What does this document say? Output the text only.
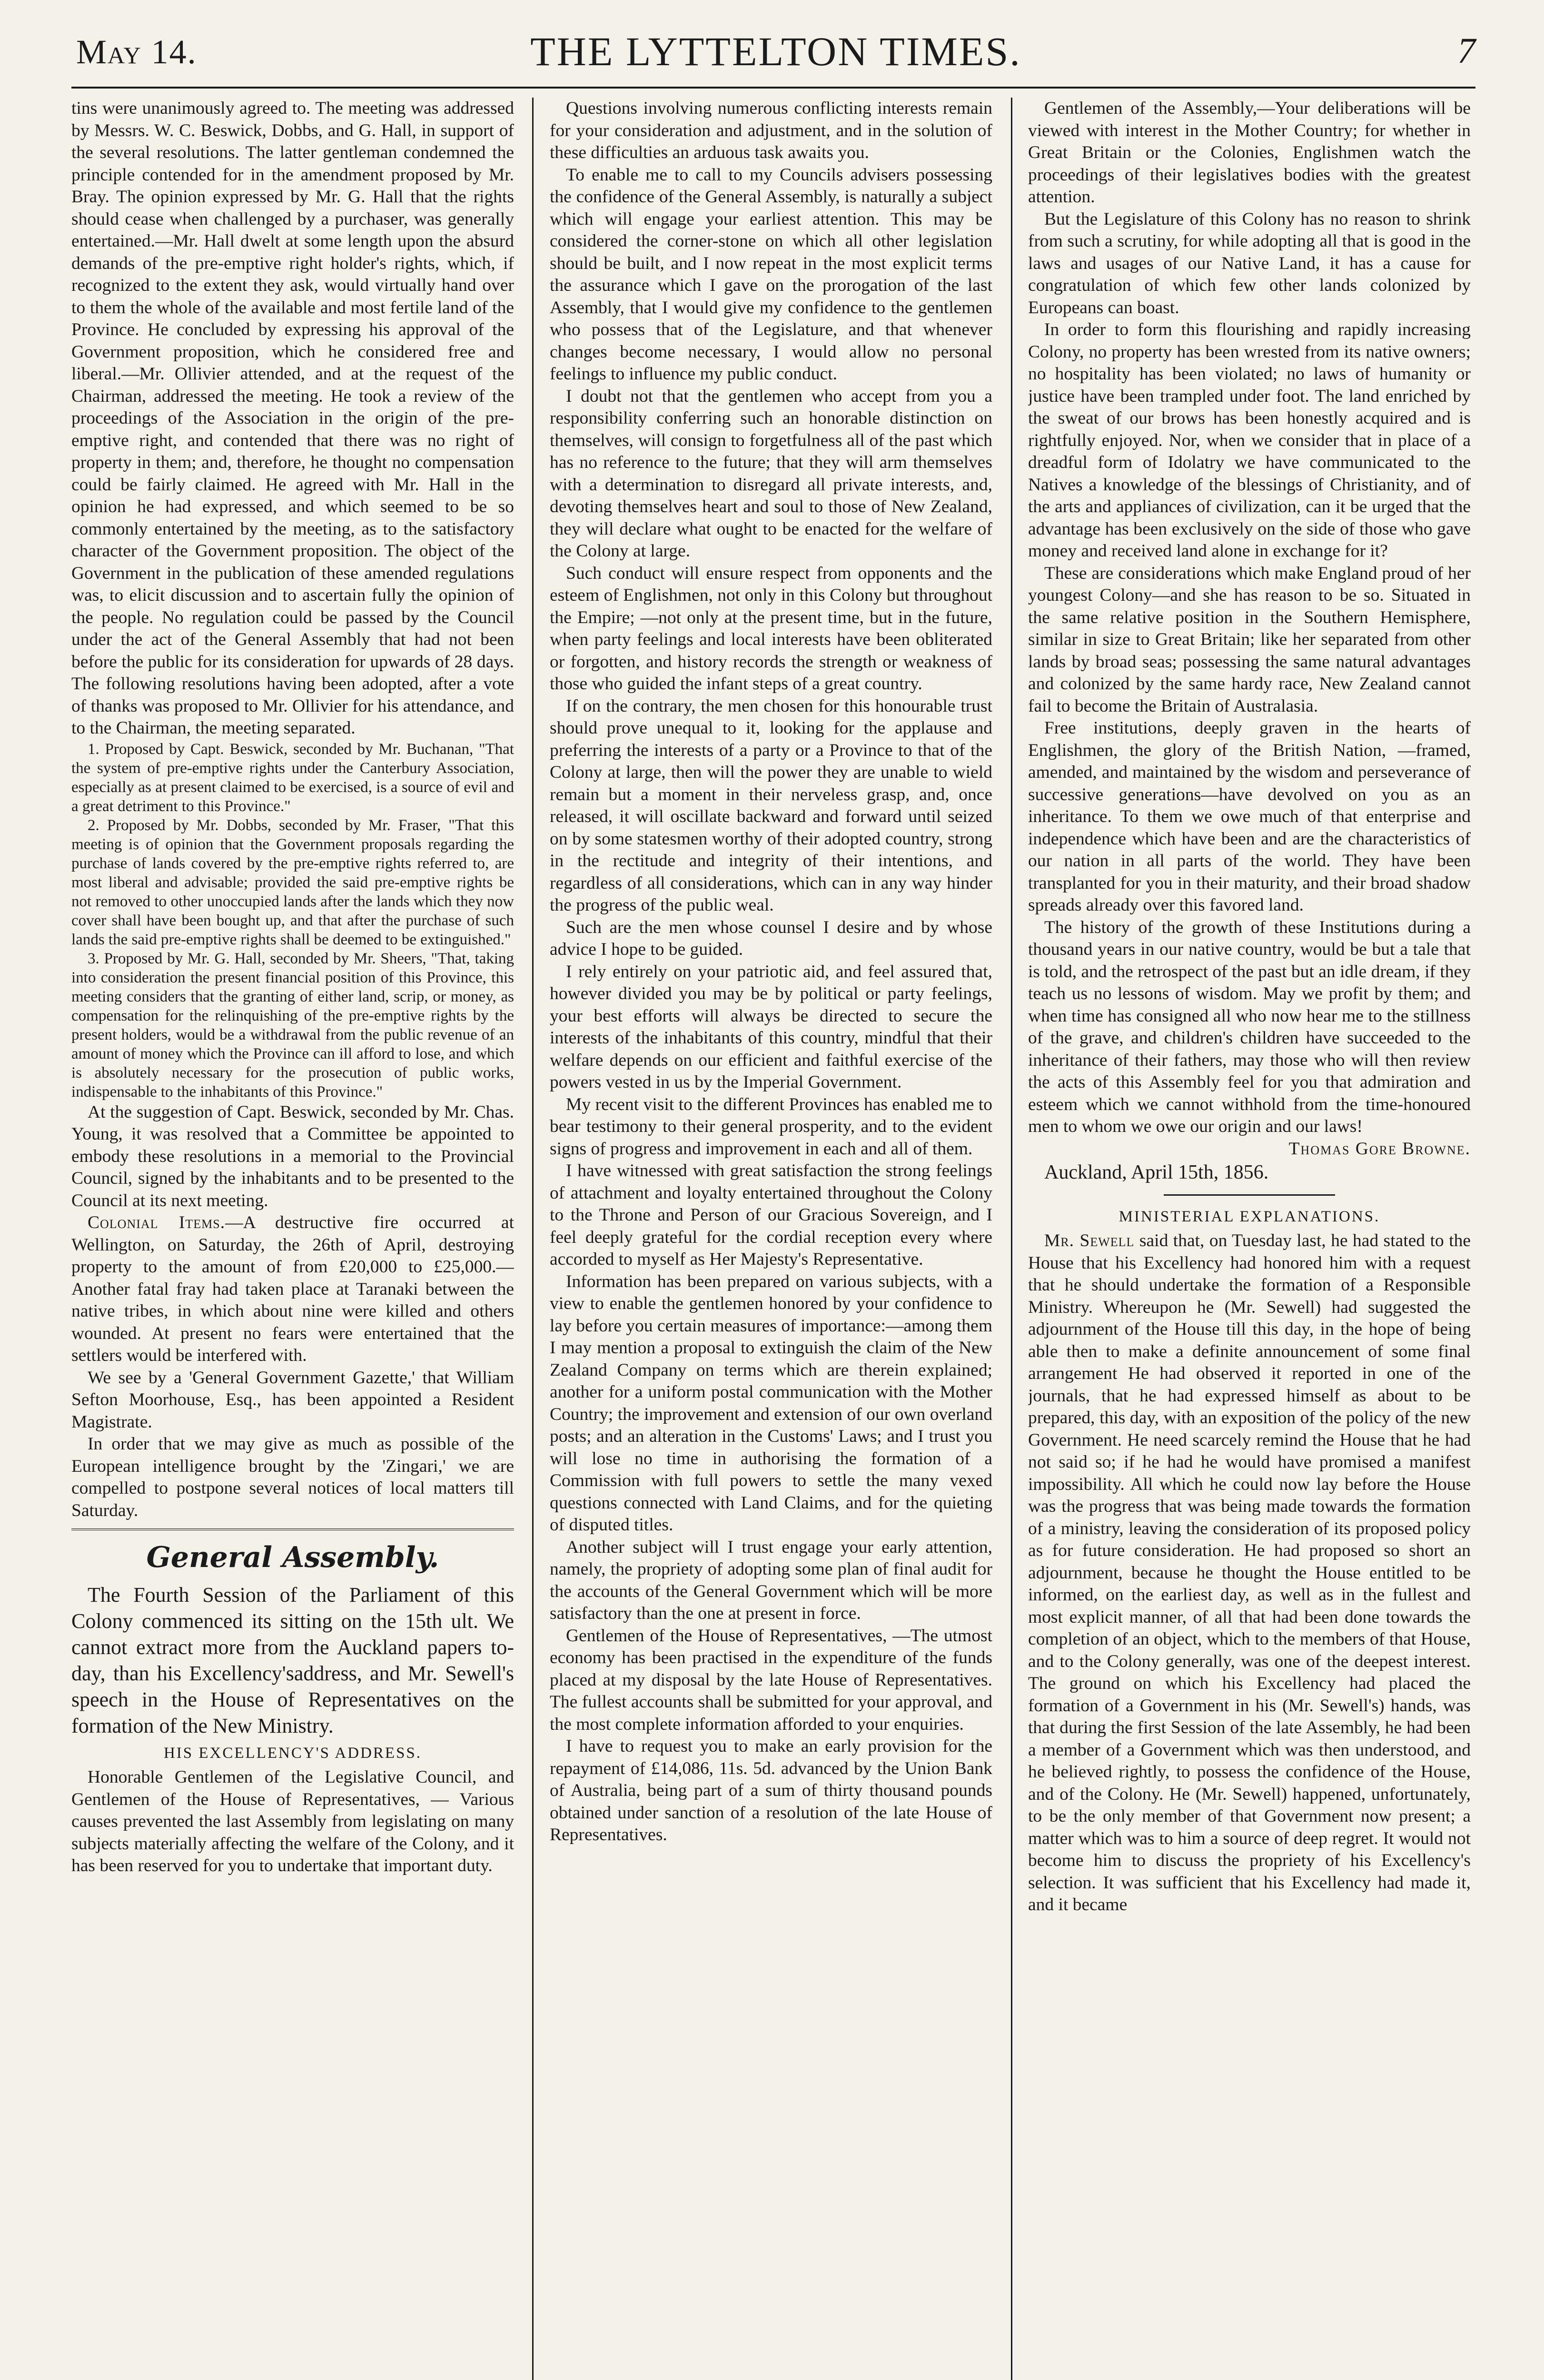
May 14.	THE LYTTELTON TIMES.	7

tins were unanimously agreed to. The meeting was addressed by Messrs. W. C. Beswick, Dobbs, and G. Hall, in support of the several resolutions. The latter gentleman condemned the principle contended for in the amendment proposed by Mr. Bray. The opinion expressed by Mr. G. Hall that the rights should cease when challenged by a purchaser, was generally entertained.—Mr. Hall dwelt at some length upon the absurd demands of the pre-emptive right holder's rights, which, if recognized to the extent they ask, would virtually hand over to them the whole of the available and most fertile land of the Province. He concluded by expressing his approval of the Government proposition, which he considered free and liberal.—Mr. Ollivier attended, and at the request of the Chairman, addressed the meeting. He took a review of the proceedings of the Association in the origin of the pre-emptive right, and contended that there was no right of property in them; and, therefore, he thought no compensation could be fairly claimed. He agreed with Mr. Hall in the opinion he had expressed, and which seemed to be so commonly entertained by the meeting, as to the satisfactory character of the Government proposition. The object of the Government in the publication of these amended regulations was, to elicit discussion and to ascertain fully the opinion of the people. No regulation could be passed by the Council under the act of the General Assembly that had not been before the public for its consideration for upwards of 28 days. The following resolutions having been adopted, after a vote of thanks was proposed to Mr. Ollivier for his attendance, and to the Chairman, the meeting separated.

1. Proposed by Capt. Beswick, seconded by Mr. Buchanan, "That the system of pre-emptive rights under the Canterbury Association, especially as at present claimed to be exercised, is a source of evil and a great detriment to this Province."

2. Proposed by Mr. Dobbs, seconded by Mr. Fraser, "That this meeting is of opinion that the Government proposals regarding the purchase of lands covered by the pre-emptive rights referred to, are most liberal and advisable; provided the said pre-emptive rights be not removed to other unoccupied lands after the lands which they now cover shall have been bought up, and that after the purchase of such lands the said pre-emptive rights shall be deemed to be extinguished."

3. Proposed by Mr. G. Hall, seconded by Mr. Sheers, "That, taking into consideration the present financial position of this Province, this meeting considers that the granting of either land, scrip, or money, as compensation for the relinquishing of the pre-emptive rights by the present holders, would be a withdrawal from the public revenue of an amount of money which the Province can ill afford to lose, and which is absolutely necessary for the prosecution of public works, indispensable to the inhabitants of this Province."

At the suggestion of Capt. Beswick, seconded by Mr. Chas. Young, it was resolved that a Committee be appointed to embody these resolutions in a memorial to the Provincial Council, signed by the inhabitants and to be presented to the Council at its next meeting.

Colonial Items.—A destructive fire occurred at Wellington, on Saturday, the 26th of April, destroying property to the amount of from £20,000 to £25,000.—Another fatal fray had taken place at Taranaki between the native tribes, in which about nine were killed and others wounded. At present no fears were entertained that the settlers would be interfered with.

We see by a 'General Government Gazette,' that William Sefton Moorhouse, Esq., has been appointed a Resident Magistrate.

In order that we may give as much as possible of the European intelligence brought by the 'Zingari,' we are compelled to postpone several notices of local matters till Saturday.

General Assembly.

The Fourth Session of the Parliament of this Colony commenced its sitting on the 15th ult. We cannot extract more from the Auckland papers to-day, than his Excellency'saddress, and Mr. Sewell's speech in the House of Representatives on the formation of the New Ministry.

HIS EXCELLENCY'S ADDRESS.

Honorable Gentlemen of the Legislative Council, and Gentlemen of the House of Representatives, — Various causes prevented the last Assembly from legislating on many subjects materially affecting the welfare of the Colony, and it has been reserved for you to undertake that important duty.

Questions involving numerous conflicting interests remain for your consideration and adjustment, and in the solution of these difficulties an arduous task awaits you.

To enable me to call to my Councils advisers possessing the confidence of the General Assembly, is naturally a subject which will engage your earliest attention. This may be considered the corner-stone on which all other legislation should be built, and I now repeat in the most explicit terms the assurance which I gave on the prorogation of the last Assembly, that I would give my confidence to the gentlemen who possess that of the Legislature, and that whenever changes become necessary, I would allow no personal feelings to influence my public conduct.

I doubt not that the gentlemen who accept from you a responsibility conferring such an honorable distinction on themselves, will consign to forgetfulness all of the past which has no reference to the future; that they will arm themselves with a determination to disregard all private interests, and, devoting themselves heart and soul to those of New Zealand, they will declare what ought to be enacted for the welfare of the Colony at large.

Such conduct will ensure respect from opponents and the esteem of Englishmen, not only in this Colony but throughout the Empire; —not only at the present time, but in the future, when party feelings and local interests have been obliterated or forgotten, and history records the strength or weakness of those who guided the infant steps of a great country.

If on the contrary, the men chosen for this honourable trust should prove unequal to it, looking for the applause and preferring the interests of a party or a Province to that of the Colony at large, then will the power they are unable to wield remain but a moment in their nerveless grasp, and, once released, it will oscillate backward and forward until seized on by some statesmen worthy of their adopted country, strong in the rectitude and integrity of their intentions, and regardless of all considerations, which can in any way hinder the progress of the public weal.

Such are the men whose counsel I desire and by whose advice I hope to be guided.

I rely entirely on your patriotic aid, and feel assured that, however divided you may be by political or party feelings, your best efforts will always be directed to secure the interests of the inhabitants of this country, mindful that their welfare depends on our efficient and faithful exercise of the powers vested in us by the Imperial Government.

My recent visit to the different Provinces has enabled me to bear testimony to their general prosperity, and to the evident signs of progress and improvement in each and all of them.

I have witnessed with great satisfaction the strong feelings of attachment and loyalty entertained throughout the Colony to the Throne and Person of our Gracious Sovereign, and I feel deeply grateful for the cordial reception every where accorded to myself as Her Majesty's Representative.

Information has been prepared on various subjects, with a view to enable the gentlemen honored by your confidence to lay before you certain measures of importance:—among them I may mention a proposal to extinguish the claim of the New Zealand Company on terms which are therein explained; another for a uniform postal communication with the Mother Country; the improvement and extension of our own overland posts; and an alteration in the Customs' Laws; and I trust you will lose no time in authorising the formation of a Commission with full powers to settle the many vexed questions connected with Land Claims, and for the quieting of disputed titles.

Another subject will I trust engage your early attention, namely, the propriety of adopting some plan of final audit for the accounts of the General Government which will be more satisfactory than the one at present in force.

Gentlemen of the House of Representatives, —The utmost economy has been practised in the expenditure of the funds placed at my disposal by the late House of Representatives. The fullest accounts shall be submitted for your approval, and the most complete information afforded to your enquiries.

I have to request you to make an early provision for the repayment of £14,086, 11s. 5d. advanced by the Union Bank of Australia, being part of a sum of thirty thousand pounds obtained under sanction of a resolution of the late House of Representatives.

Gentlemen of the Assembly,—Your deliberations will be viewed with interest in the Mother Country; for whether in Great Britain or the Colonies, Englishmen watch the proceedings of their legislatives bodies with the greatest attention.

But the Legislature of this Colony has no reason to shrink from such a scrutiny, for while adopting all that is good in the laws and usages of our Native Land, it has a cause for congratulation of which few other lands colonized by Europeans can boast.

In order to form this flourishing and rapidly increasing Colony, no property has been wrested from its native owners; no hospitality has been violated; no laws of humanity or justice have been trampled under foot. The land enriched by the sweat of our brows has been honestly acquired and is rightfully enjoyed. Nor, when we consider that in place of a dreadful form of Idolatry we have communicated to the Natives a knowledge of the blessings of Christianity, and of the arts and appliances of civilization, can it be urged that the advantage has been exclusively on the side of those who gave money and received land alone in exchange for it?

These are considerations which make England proud of her youngest Colony—and she has reason to be so. Situated in the same relative position in the Southern Hemisphere, similar in size to Great Britain; like her separated from other lands by broad seas; possessing the same natural advantages and colonized by the same hardy race, New Zealand cannot fail to become the Britain of Australasia.

Free institutions, deeply graven in the hearts of Englishmen, the glory of the British Nation, —framed, amended, and maintained by the wisdom and perseverance of successive generations—have devolved on you as an inheritance. To them we owe much of that enterprise and independence which have been and are the characteristics of our nation in all parts of the world. They have been transplanted for you in their maturity, and their broad shadow spreads already over this favored land.

The history of the growth of these Institutions during a thousand years in our native country, would be but a tale that is told, and the retrospect of the past but an idle dream, if they teach us no lessons of wisdom. May we profit by them; and when time has consigned all who now hear me to the stillness of the grave, and children's children have succeeded to the inheritance of their fathers, may those who will then review the acts of this Assembly feel for you that admiration and esteem which we cannot withhold from the time-honoured men to whom we owe our origin and our laws!

Thomas Gore Browne.

Auckland, April 15th, 1856.

MINISTERIAL EXPLANATIONS.

Mr. Sewell said that, on Tuesday last, he had stated to the House that his Excellency had honored him with a request that he should undertake the formation of a Responsible Ministry. Whereupon he (Mr. Sewell) had suggested the adjournment of the House till this day, in the hope of being able then to make a definite announcement of some final arrangement He had observed it reported in one of the journals, that he had expressed himself as about to be prepared, this day, with an exposition of the policy of the new Government. He need scarcely remind the House that he had not said so; if he had he would have promised a manifest impossibility. All which he could now lay before the House was the progress that was being made towards the formation of a ministry, leaving the consideration of its proposed policy as for future consideration. He had proposed so short an adjournment, because he thought the House entitled to be informed, on the earliest day, as well as in the fullest and most explicit manner, of all that had been done towards the completion of an object, which to the members of that House, and to the Colony generally, was one of the deepest interest. The ground on which his Excellency had placed the formation of a Government in his (Mr. Sewell's) hands, was that during the first Session of the late Assembly, he had been a member of a Government which was then understood, and he believed rightly, to possess the confidence of the House, and of the Colony. He (Mr. Sewell) happened, unfortunately, to be the only member of that Government now present; a matter which was to him a source of deep regret. It would not become him to discuss the propriety of his Excellency's selection. It was sufficient that his Excellency had made it, and it became
